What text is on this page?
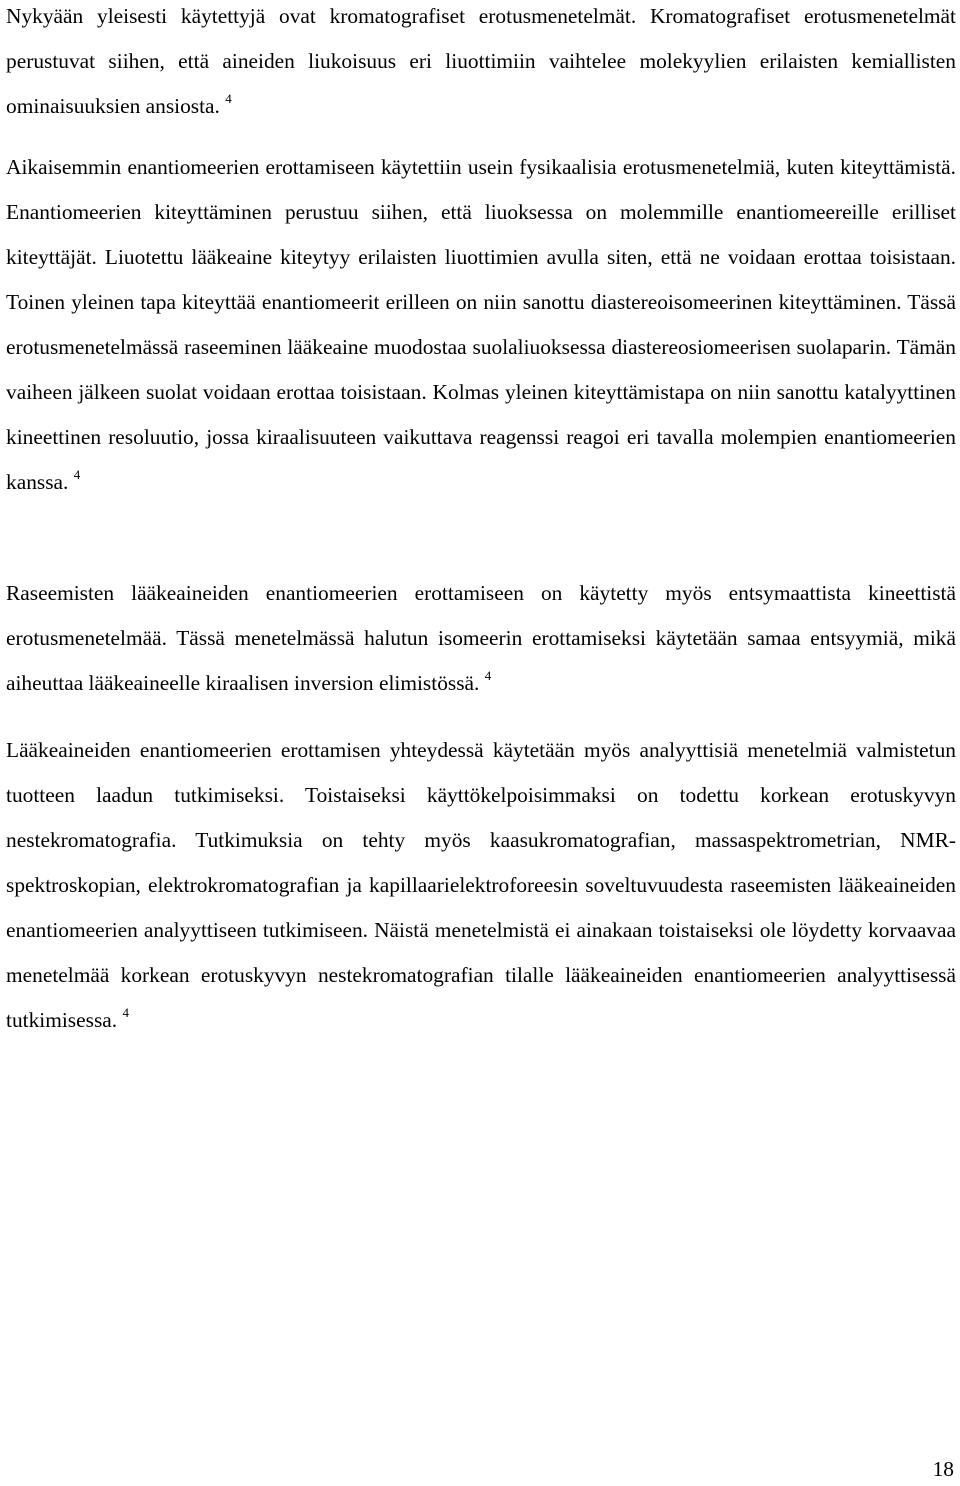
Nykyään yleisesti käytettyjä ovat kromatografiset erotusmenetelmät. Kromatografiset erotusmenetelmät perustuvat siihen, että aineiden liukoisuus eri liuottimiin vaihtelee molekyylien erilaisten kemiallisten ominaisuuksien ansiosta. $^4$

Aikaisemmin enantiomeerien erottamiseen käytettiin usein fysikaalisia erotusmenetelmiä, kuten kiteyttämistä. Enantiomeerien kiteyttäminen perustuu siihen, että liuoksessa on molemmille enantiomeereille erilliset kiteyttäjät. Liuotettu lääkeaine kiteytyy erilaisten liuottimien avulla siten, että ne voidaan erottaa toisistaan. Toinen yleinen tapa kiteyttää enantiomeerit erilleen on niin sanottu diastereoisomeerinen kiteyttäminen. Tässä erotusmenetelmässä raseeminen lääkeaine muodostaa suolaliuoksessa diastereosiomeerisen suolaparin. Tämän vaiheen jälkeen suolat voidaan erottaa toisistaan. Kolmas yleinen kiteyttämistapa on niin sanottu katalyyttinen kineettinen resoluutio, jossa kiraalisuuteen vaikuttava reagenssi reagoi eri tavalla molempien enantiomeerien kanssa. $^4$

Raseemisten lääkeaineiden enantiomeerien erottamiseen on käytetty myös entsymaattista kineettistä erotusmenetelmää. Tässä menetelmässä halutun isomeerin erottamiseksi käytetään samaa entsyymiä, mikä aiheuttaa lääkeaineelle kiraalisen inversion elimistössä. $^4$

Lääkeaineiden enantiomeerien erottamisen yhteydessä käytetään myös analyyttisiä menetelmiä valmistetun tuotteen laadun tutkimiseksi. Toistaiseksi käyttökelpoisimmaksi on todettu korkean erotuskyvyn nestekromatografia. Tutkimuksia on tehty myös kaasukromatografian, massaspektrometrian, NMR-spektroskopian, elektrokromatografian ja kapillaarielektroforeesin soveltuvuudesta raseemisten lääkeaineiden enantiomeerien analyyttiseen tutkimiseen. Näistä menetelmistä ei ainakaan toistaiseksi ole löydetty korvaavaa menetelmää korkean erotuskyvyn nestekromatografian tilalle lääkeaineiden enantiomeerien analyyttisessä tutkimisessa. $^4$

18
